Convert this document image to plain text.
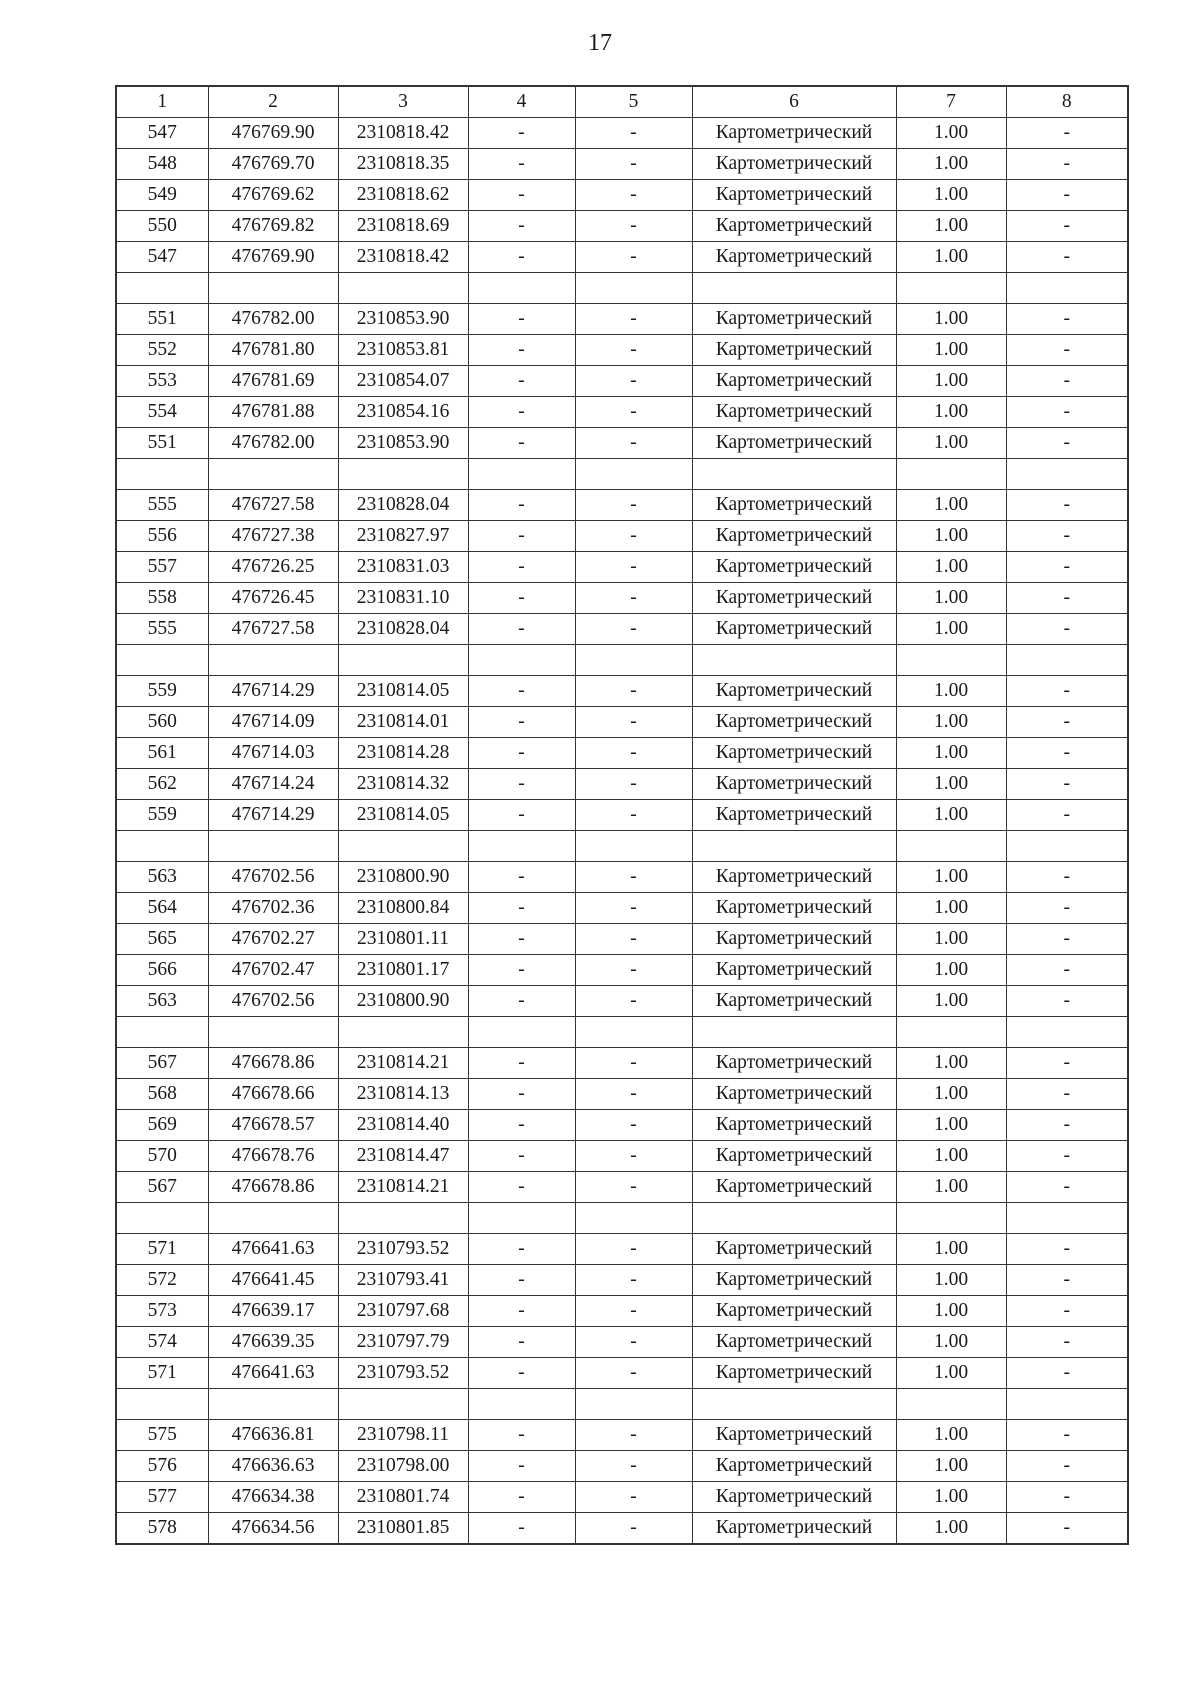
17
1	2	3	4	5	6	7	8
547	476769.90	2310818.42	-	-	Картометрический	1.00	-
548	476769.70	2310818.35	-	-	Картометрический	1.00	-
549	476769.62	2310818.62	-	-	Картометрический	1.00	-
550	476769.82	2310818.69	-	-	Картометрический	1.00	-
547	476769.90	2310818.42	-	-	Картометрический	1.00	-

551	476782.00	2310853.90	-	-	Картометрический	1.00	-
552	476781.80	2310853.81	-	-	Картометрический	1.00	-
553	476781.69	2310854.07	-	-	Картометрический	1.00	-
554	476781.88	2310854.16	-	-	Картометрический	1.00	-
551	476782.00	2310853.90	-	-	Картометрический	1.00	-

555	476727.58	2310828.04	-	-	Картометрический	1.00	-
556	476727.38	2310827.97	-	-	Картометрический	1.00	-
557	476726.25	2310831.03	-	-	Картометрический	1.00	-
558	476726.45	2310831.10	-	-	Картометрический	1.00	-
555	476727.58	2310828.04	-	-	Картометрический	1.00	-

559	476714.29	2310814.05	-	-	Картометрический	1.00	-
560	476714.09	2310814.01	-	-	Картометрический	1.00	-
561	476714.03	2310814.28	-	-	Картометрический	1.00	-
562	476714.24	2310814.32	-	-	Картометрический	1.00	-
559	476714.29	2310814.05	-	-	Картометрический	1.00	-

563	476702.56	2310800.90	-	-	Картометрический	1.00	-
564	476702.36	2310800.84	-	-	Картометрический	1.00	-
565	476702.27	2310801.11	-	-	Картометрический	1.00	-
566	476702.47	2310801.17	-	-	Картометрический	1.00	-
563	476702.56	2310800.90	-	-	Картометрический	1.00	-

567	476678.86	2310814.21	-	-	Картометрический	1.00	-
568	476678.66	2310814.13	-	-	Картометрический	1.00	-
569	476678.57	2310814.40	-	-	Картометрический	1.00	-
570	476678.76	2310814.47	-	-	Картометрический	1.00	-
567	476678.86	2310814.21	-	-	Картометрический	1.00	-

571	476641.63	2310793.52	-	-	Картометрический	1.00	-
572	476641.45	2310793.41	-	-	Картометрический	1.00	-
573	476639.17	2310797.68	-	-	Картометрический	1.00	-
574	476639.35	2310797.79	-	-	Картометрический	1.00	-
571	476641.63	2310793.52	-	-	Картометрический	1.00	-

575	476636.81	2310798.11	-	-	Картометрический	1.00	-
576	476636.63	2310798.00	-	-	Картометрический	1.00	-
577	476634.38	2310801.74	-	-	Картометрический	1.00	-
578	476634.56	2310801.85	-	-	Картометрический	1.00	-
